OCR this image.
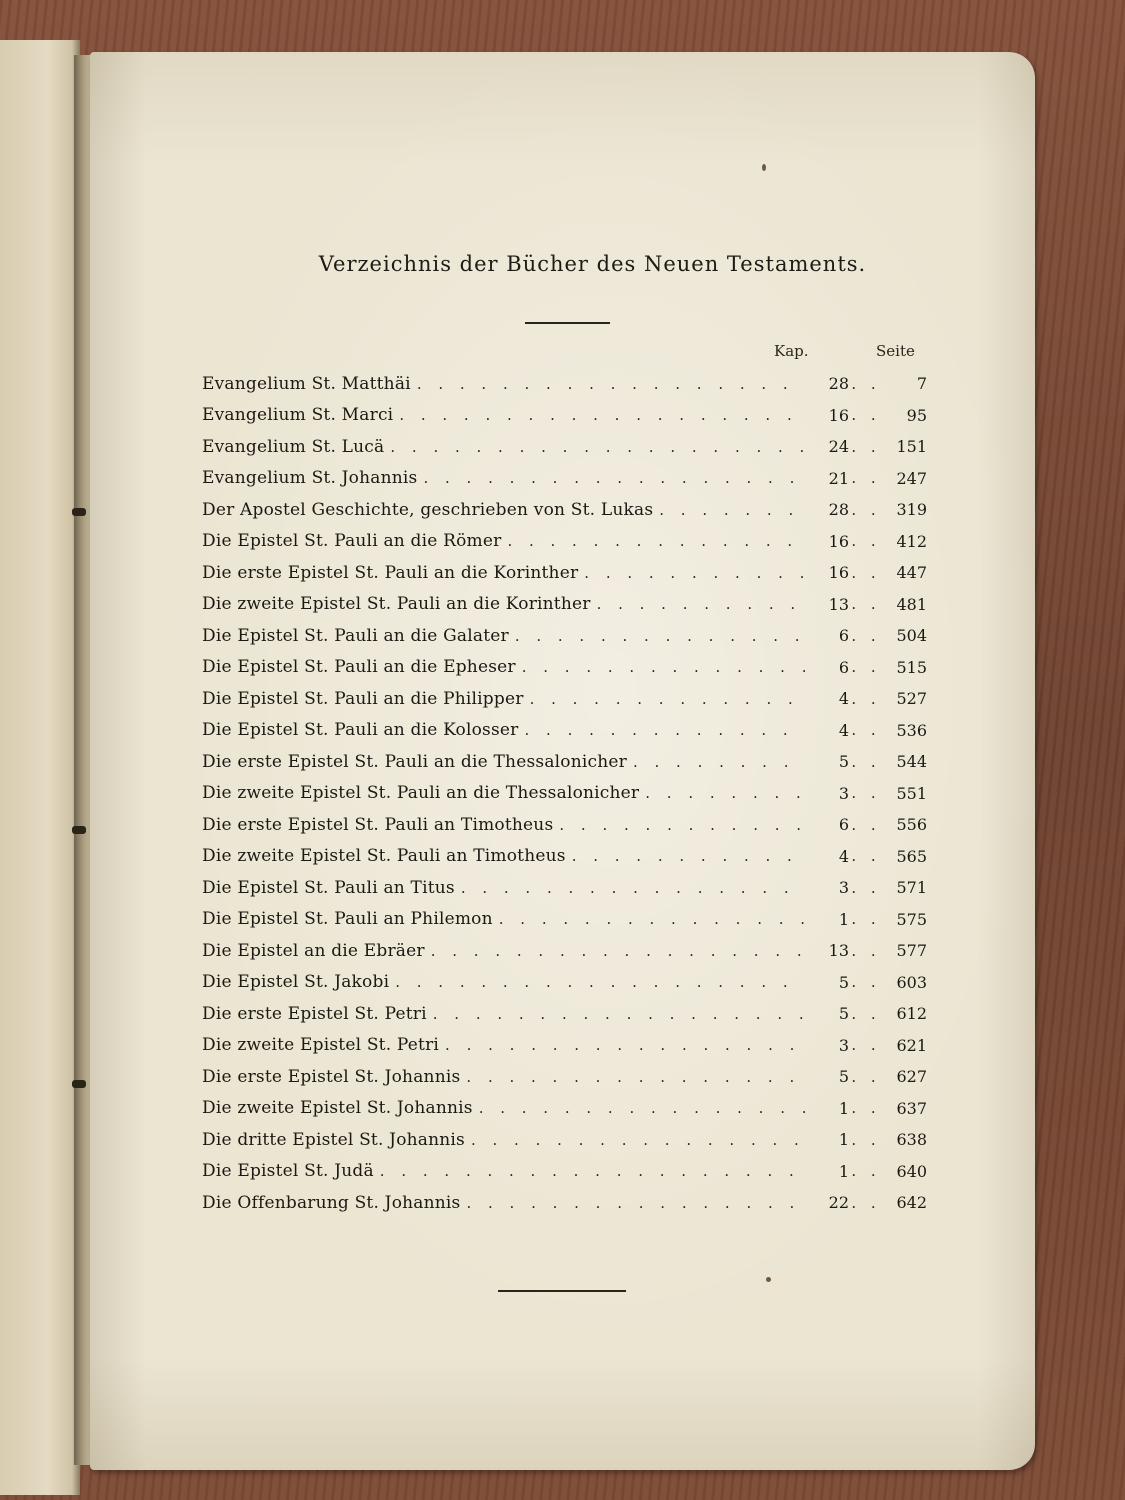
Verzeichnis der Bücher des Neuen Testaments.
Kap.	Seite
Evangelium St. Matthäi . . .	28 . .	7
Evangelium St. Marci . . .	16 . .	95
Evangelium St. Lucä . . .	24 . . 151
Evangelium St. Johannis . . .	21 . . 247
Der Apostel Geschichte, geschrieben von St. Lukas . . .	28 . . 319
Die Epistel St. Pauli an die Römer . . .	16 . . 412
Die erste Epistel St. Pauli an die Korinther . . .	16 . . 447
Die zweite Epistel St. Pauli an die Korinther . . .	13 . . 481
Die Epistel St. Pauli an die Galater . . .	6 . . 504
Die Epistel St. Pauli an die Epheser . . .	6 . . 515
Die Epistel St. Pauli an die Philipper . . .	4 . . 527
Die Epistel St. Pauli an die Kolosser . . .	4 . . 536
Die erste Epistel St. Pauli an die Thessalonicher . . .	5 . . 544
Die zweite Epistel St. Pauli an die Thessalonicher . . .	3 . . 551
Die erste Epistel St. Pauli an Timotheus . . .	6 . . 556
Die zweite Epistel St. Pauli an Timotheus . . .	4 . . 565
Die Epistel St. Pauli an Titus . . .	3 . . 571
Die Epistel St. Pauli an Philemon . . .	1 . . 575
Die Epistel an die Ebräer . . .	13 . . 577
Die Epistel St. Jakobi . . .	5 . . 603
Die erste Epistel St. Petri . . .	5 . . 612
Die zweite Epistel St. Petri . . .	3 . . 621
Die erste Epistel St. Johannis . . .	5 . . 627
Die zweite Epistel St. Johannis . . .	1 . . 637
Die dritte Epistel St. Johannis . . .	1 . . 638
Die Epistel St. Judä . . .	1 . . 640
Die Offenbarung St. Johannis . . .	22 . . 642
